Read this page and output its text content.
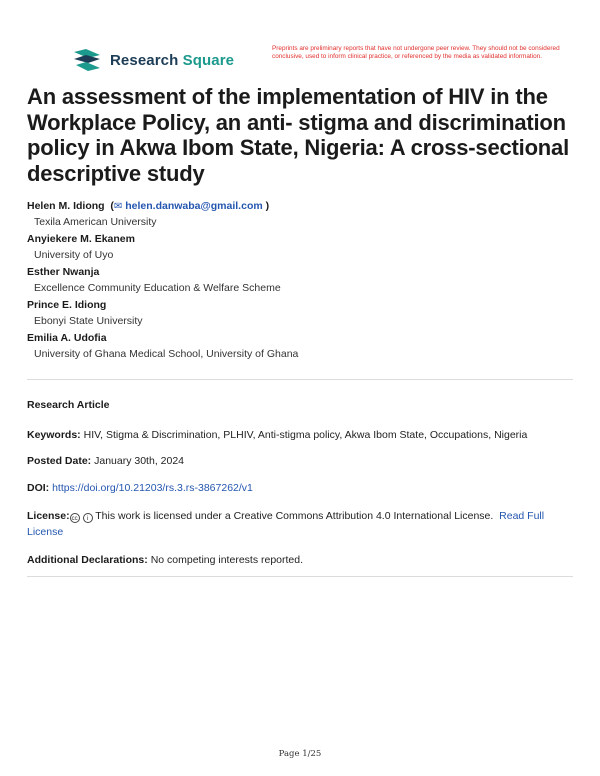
Research Square
Preprints are preliminary reports that have not undergone peer review. They should not be considered conclusive, used to inform clinical practice, or referenced by the media as validated information.
An assessment of the implementation of HIV in the Workplace Policy, an anti- stigma and discrimination policy in Akwa Ibom State, Nigeria: A cross-sectional descriptive study
Helen M. Idiong  (✉ helen.danwaba@gmail.com )
Texila American University
Anyiekere M. Ekanem
University of Uyo
Esther Nwanja
Excellence Community Education & Welfare Scheme
Prince E. Idiong
Ebonyi State University
Emilia A. Udofia
University of Ghana Medical School, University of Ghana
Research Article
Keywords: HIV, Stigma & Discrimination, PLHIV, Anti-stigma policy, Akwa Ibom State, Occupations, Nigeria
Posted Date: January 30th, 2024
DOI: https://doi.org/10.21203/rs.3.rs-3867262/v1
License: cc i This work is licensed under a Creative Commons Attribution 4.0 International License. Read Full License
Additional Declarations: No competing interests reported.
Page 1/25
